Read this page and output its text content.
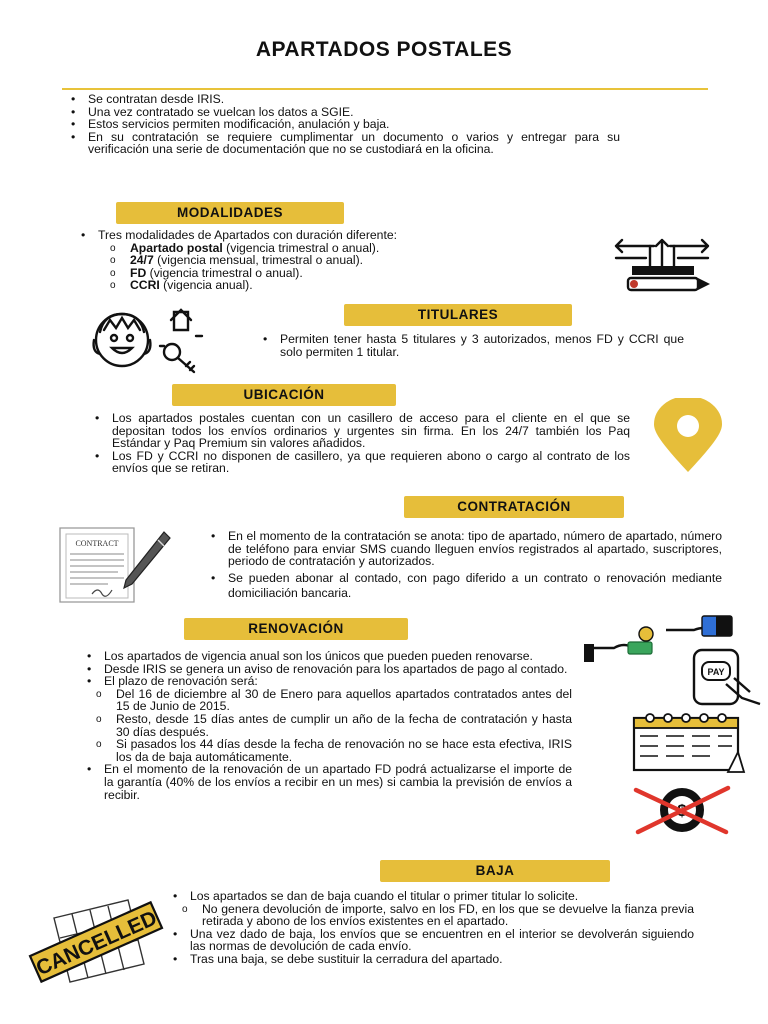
APARTADOS POSTALES
• Se contratan desde IRIS.
• Una vez contratado se vuelcan los datos a SGIE.
• Estos servicios permiten modificación, anulación y baja.
• En su contratación se requiere cumplimentar un documento o varios y entregar para su verificación una serie de documentación que no se custodiará en la oficina.
MODALIDADES
• Tres modalidades de Apartados con duración diferente:
o Apartado postal (vigencia trimestral o anual).
o 24/7 (vigencia mensual, trimestral o anual).
o FD (vigencia trimestral o anual).
o CCRI (vigencia anual).
TITULARES
• Permiten tener hasta 5 titulares y 3 autorizados, menos FD y CCRI que solo permiten 1 titular.
UBICACIÓN
• Los apartados postales cuentan con un casillero de acceso para el cliente en el que se depositan todos los envíos ordinarios y urgentes sin firma. En los 24/7 también los Paq Estándar y Paq Premium sin valores añadidos.
• Los FD y CCRI no disponen de casillero, ya que requieren abono o cargo al contrato de los envíos que se retiran.
CONTRATACIÓN
CONTRACT
• En el momento de la contratación se anota: tipo de apartado, número de apartado, número de teléfono para enviar SMS cuando lleguen envíos registrados al apartado, suscriptores, periodo de contratación y autorizados.
• Se pueden abonar al contado, con pago diferido a un contrato o renovación mediante domiciliación bancaria.
RENOVACIÓN
• Los apartados de vigencia anual son los únicos que pueden pueden renovarse.
• Desde IRIS se genera un aviso de renovación para los apartados de pago al contado.
• El plazo de renovación será:
o Del 16 de diciembre al 30 de Enero para aquellos apartados contratados antes del 15 de Junio de 2015.
o Resto, desde 15 días antes de cumplir un año de la fecha de contratación y hasta 30 días después.
o Si pasados los 44 días desde la fecha de renovación no se hace esta efectiva, IRIS los da de baja automáticamente.
• En el momento de la renovación de un apartado FD podrá actualizarse el importe de la garantía (40% de los envíos a recibir en un mes) si cambia la previsión de envíos a recibir.
PAY
BAJA
• Los apartados se dan de baja cuando el titular o primer titular lo solicite.
o No genera devolución de importe, salvo en los FD, en los que se devuelve la fianza previa retirada y abono de los envíos existentes en el apartado.
• Una vez dado de baja, los envíos que se encuentren en el interior se devolverán siguiendo las normas de devolución de cada envío.
• Tras una baja, se debe sustituir la cerradura del apartado.
CANCELLED
